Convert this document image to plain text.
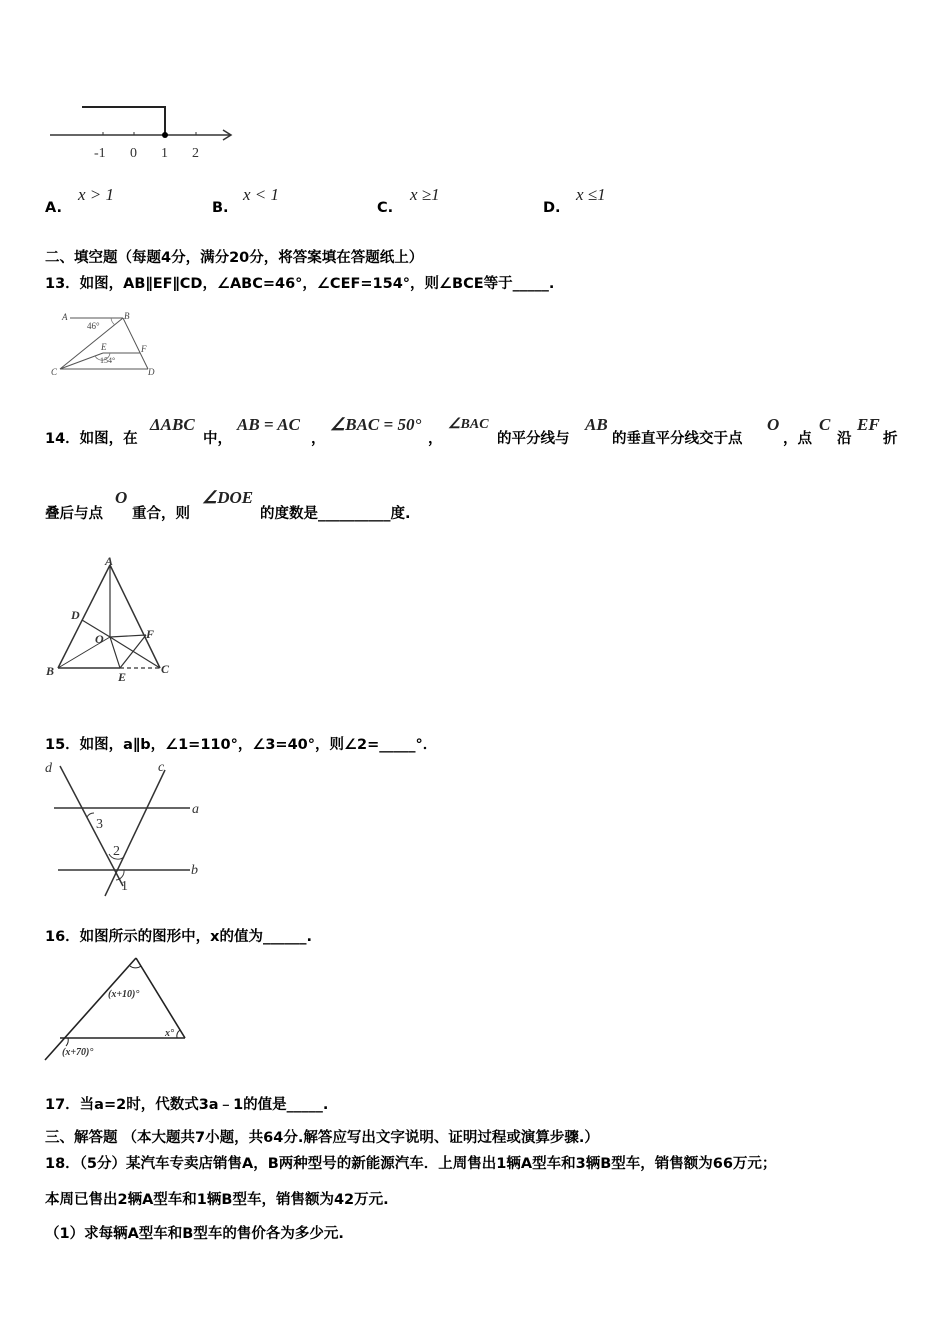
-1 0 1 2
A.
x > 1
B.
x < 1
C.
x ≥1
D.
x ≤1
二、填空题（每题4分，满分20分，将答案填在答题纸上）
13．如图，AB∥EF∥CD，∠ABC=46°，∠CEF=154°，则∠BCE等于_____.
A	B
46°
E	F
154°
C	D
14．如图，在
ΔABC
中，
AB = AC
，
∠BAC = 50°
，
∠BAC
的平分线与
AB
的垂直平分线交于点
O
，点
C
沿
EF
折
叠后与点
O
重合，则
∠DOE
的度数是__________度.
A
D
O	F
B	E
C
15．如图，a∥b，∠1=110°，∠3=40°，则∠2=_____°．
d	c
a
3
2
b
1
16．如图所示的图形中，x的值为______.
(x+10)°
x°
(x+70)°
17．当a=2时，代数式3a﹣1的值是_____.
三、解答题 （本大题共7小题，共64分.解答应写出文字说明、证明过程或演算步骤.）
18．（5分）某汽车专卖店销售A，B两种型号的新能源汽车．上周售出1辆A型车和3辆B型车，销售额为66万元；
本周已售出2辆A型车和1辆B型车，销售额为42万元.
（1）求每辆A型车和B型车的售价各为多少元.
